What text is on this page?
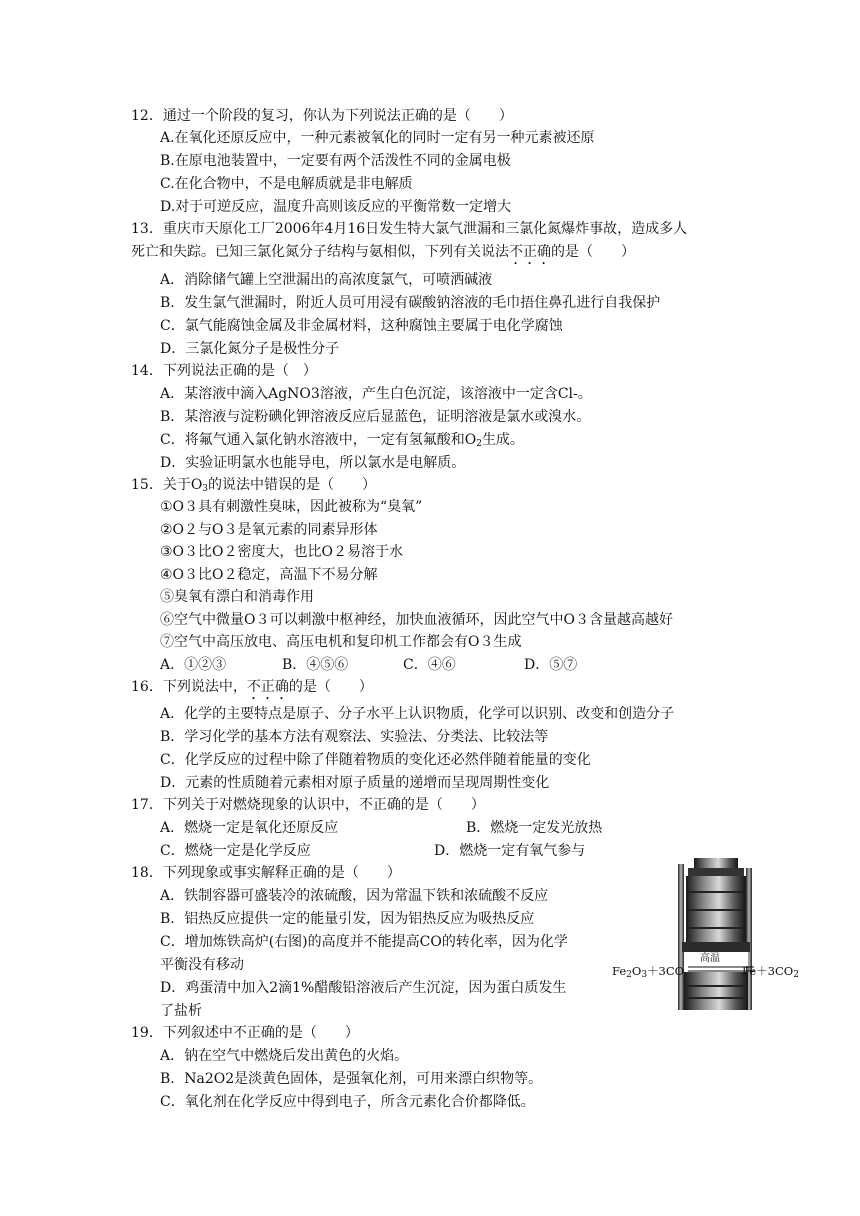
12．通过一个阶段的复习，你认为下列说法正确的是（　　）
A.在氧化还原反应中，一种元素被氧化的同时一定有另一种元素被还原
B.在原电池装置中，一定要有两个活泼性不同的金属电极
C.在化合物中，不是电解质就是非电解质
D.对于可逆反应，温度升高则该反应的平衡常数一定增大
13．重庆市天原化工厂2006年4月16日发生特大氯气泄漏和三氯化氮爆炸事故，造成多人
死亡和失踪。已知三氯化氮分子结构与氨相似，下列有关说法不正确的是（　　）
A．消除储气罐上空泄漏出的高浓度氯气，可喷洒碱液
B．发生氯气泄漏时，附近人员可用浸有碳酸钠溶液的毛巾捂住鼻孔进行自我保护
C．氯气能腐蚀金属及非金属材料，这种腐蚀主要属于电化学腐蚀
D．三氯化氮分子是极性分子
14．下列说法正确的是（　）
A．某溶液中滴入AgNO3溶液，产生白色沉淀，该溶液中一定含Cl-。
B．某溶液与淀粉碘化钾溶液反应后显蓝色，证明溶液是氯水或溴水。
C．将氟气通入氯化钠水溶液中，一定有氢氟酸和$O_2$生成。
D．实验证明氯水也能导电，所以氯水是电解质。
15．关于$O_3$的说法中错误的是（　　）
①O３具有刺激性臭味，因此被称为“臭氧”
②O２与O３是氧元素的同素异形体
③O３比O２密度大，也比O２易溶于水
④O３比O２稳定，高温下不易分解
⑤臭氧有漂白和消毒作用
⑥空气中微量O３可以刺激中枢神经，加快血液循环，因此空气中O３含量越高越好
⑦空气中高压放电、高压电机和复印机工作都会有O３生成
A．①②③	B．④⑤⑥	C．④⑥	D．⑤⑦
16．下列说法中，不正确的是（　　）
A．化学的主要特点是原子、分子水平上认识物质，化学可以识别、改变和创造分子
B．学习化学的基本方法有观察法、实验法、分类法、比较法等
C．化学反应的过程中除了伴随着物质的变化还必然伴随着能量的变化
D．元素的性质随着元素相对原子质量的递增而呈现周期性变化
17．下列关于对燃烧现象的认识中，不正确的是（　　）
A．燃烧一定是氧化还原反应	B．燃烧一定发光放热
C．燃烧一定是化学反应	D．燃烧一定有氧气参与
18．下列现象或事实解释正确的是（　　）
A．铁制容器可盛装冷的浓硫酸，因为常温下铁和浓硫酸不反应
B．铝热反应提供一定的能量引发，因为铝热反应为吸热反应
C．增加炼铁高炉(右图)的高度并不能提高CO的转化率，因为化学
平衡没有移动
D．鸡蛋清中加入2滴1%醋酸铅溶液后产生沉淀，因为蛋白质发生
了盐析
高温
$Fe_2O_3+3CO$	$Fe+3CO_2$
19．下列叙述中不正确的是（　　）
A．钠在空气中燃烧后发出黄色的火焰。
B．Na2O2是淡黄色固体，是强氧化剂，可用来漂白织物等。
C．氧化剂在化学反应中得到电子，所含元素化合价都降低。
